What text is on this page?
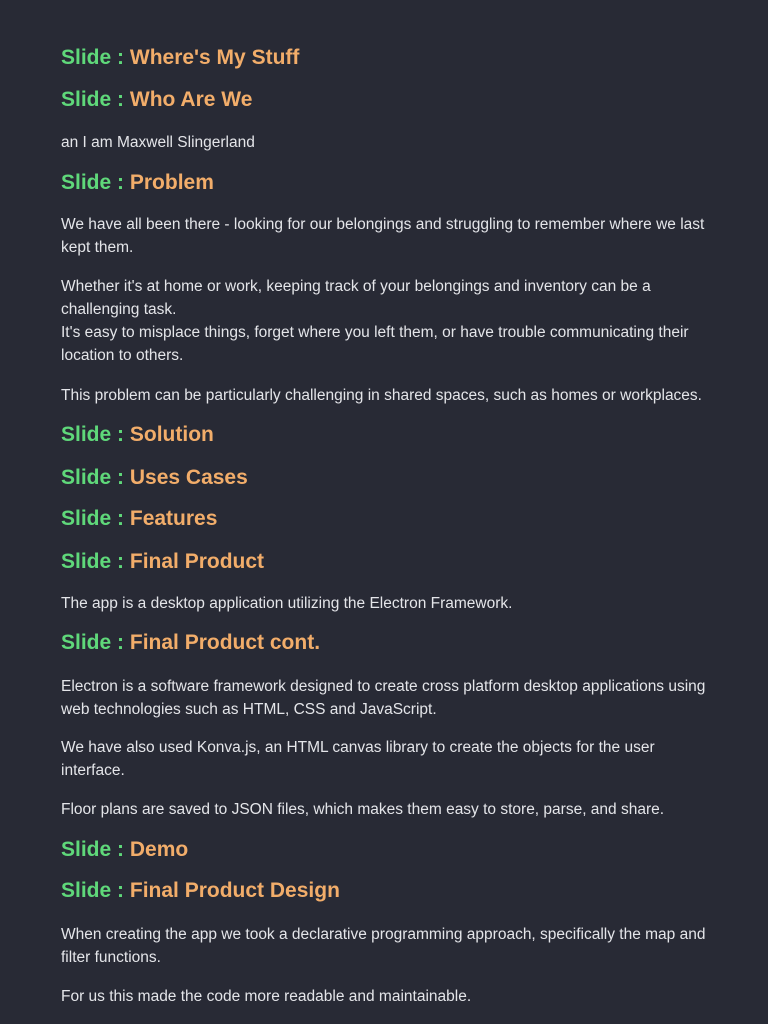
Slide : Where's My Stuff
Slide : Who Are We

an I am Maxwell Slingerland

Slide : Problem

We have all been there - looking for our belongings and struggling to remember where we last
kept them.

Whether it's at home or work, keeping track of your belongings and inventory can be a
challenging task.
It's easy to misplace things, forget where you left them, or have trouble communicating their
location to others.

This problem can be particularly challenging in shared spaces, such as homes or workplaces.

Slide : Solution
Slide : Uses Cases
Slide : Features
Slide : Final Product

The app is a desktop application utilizing the Electron Framework.

Slide : Final Product cont.

Electron is a software framework designed to create cross platform desktop applications using
web technologies such as HTML, CSS and JavaScript.

We have also used Konva.js, an HTML canvas library to create the objects for the user
interface.

Floor plans are saved to JSON files, which makes them easy to store, parse, and share.

Slide : Demo
Slide : Final Product Design

When creating the app we took a declarative programming approach, specifically the map and
filter functions.

For us this made the code more readable and maintainable.
